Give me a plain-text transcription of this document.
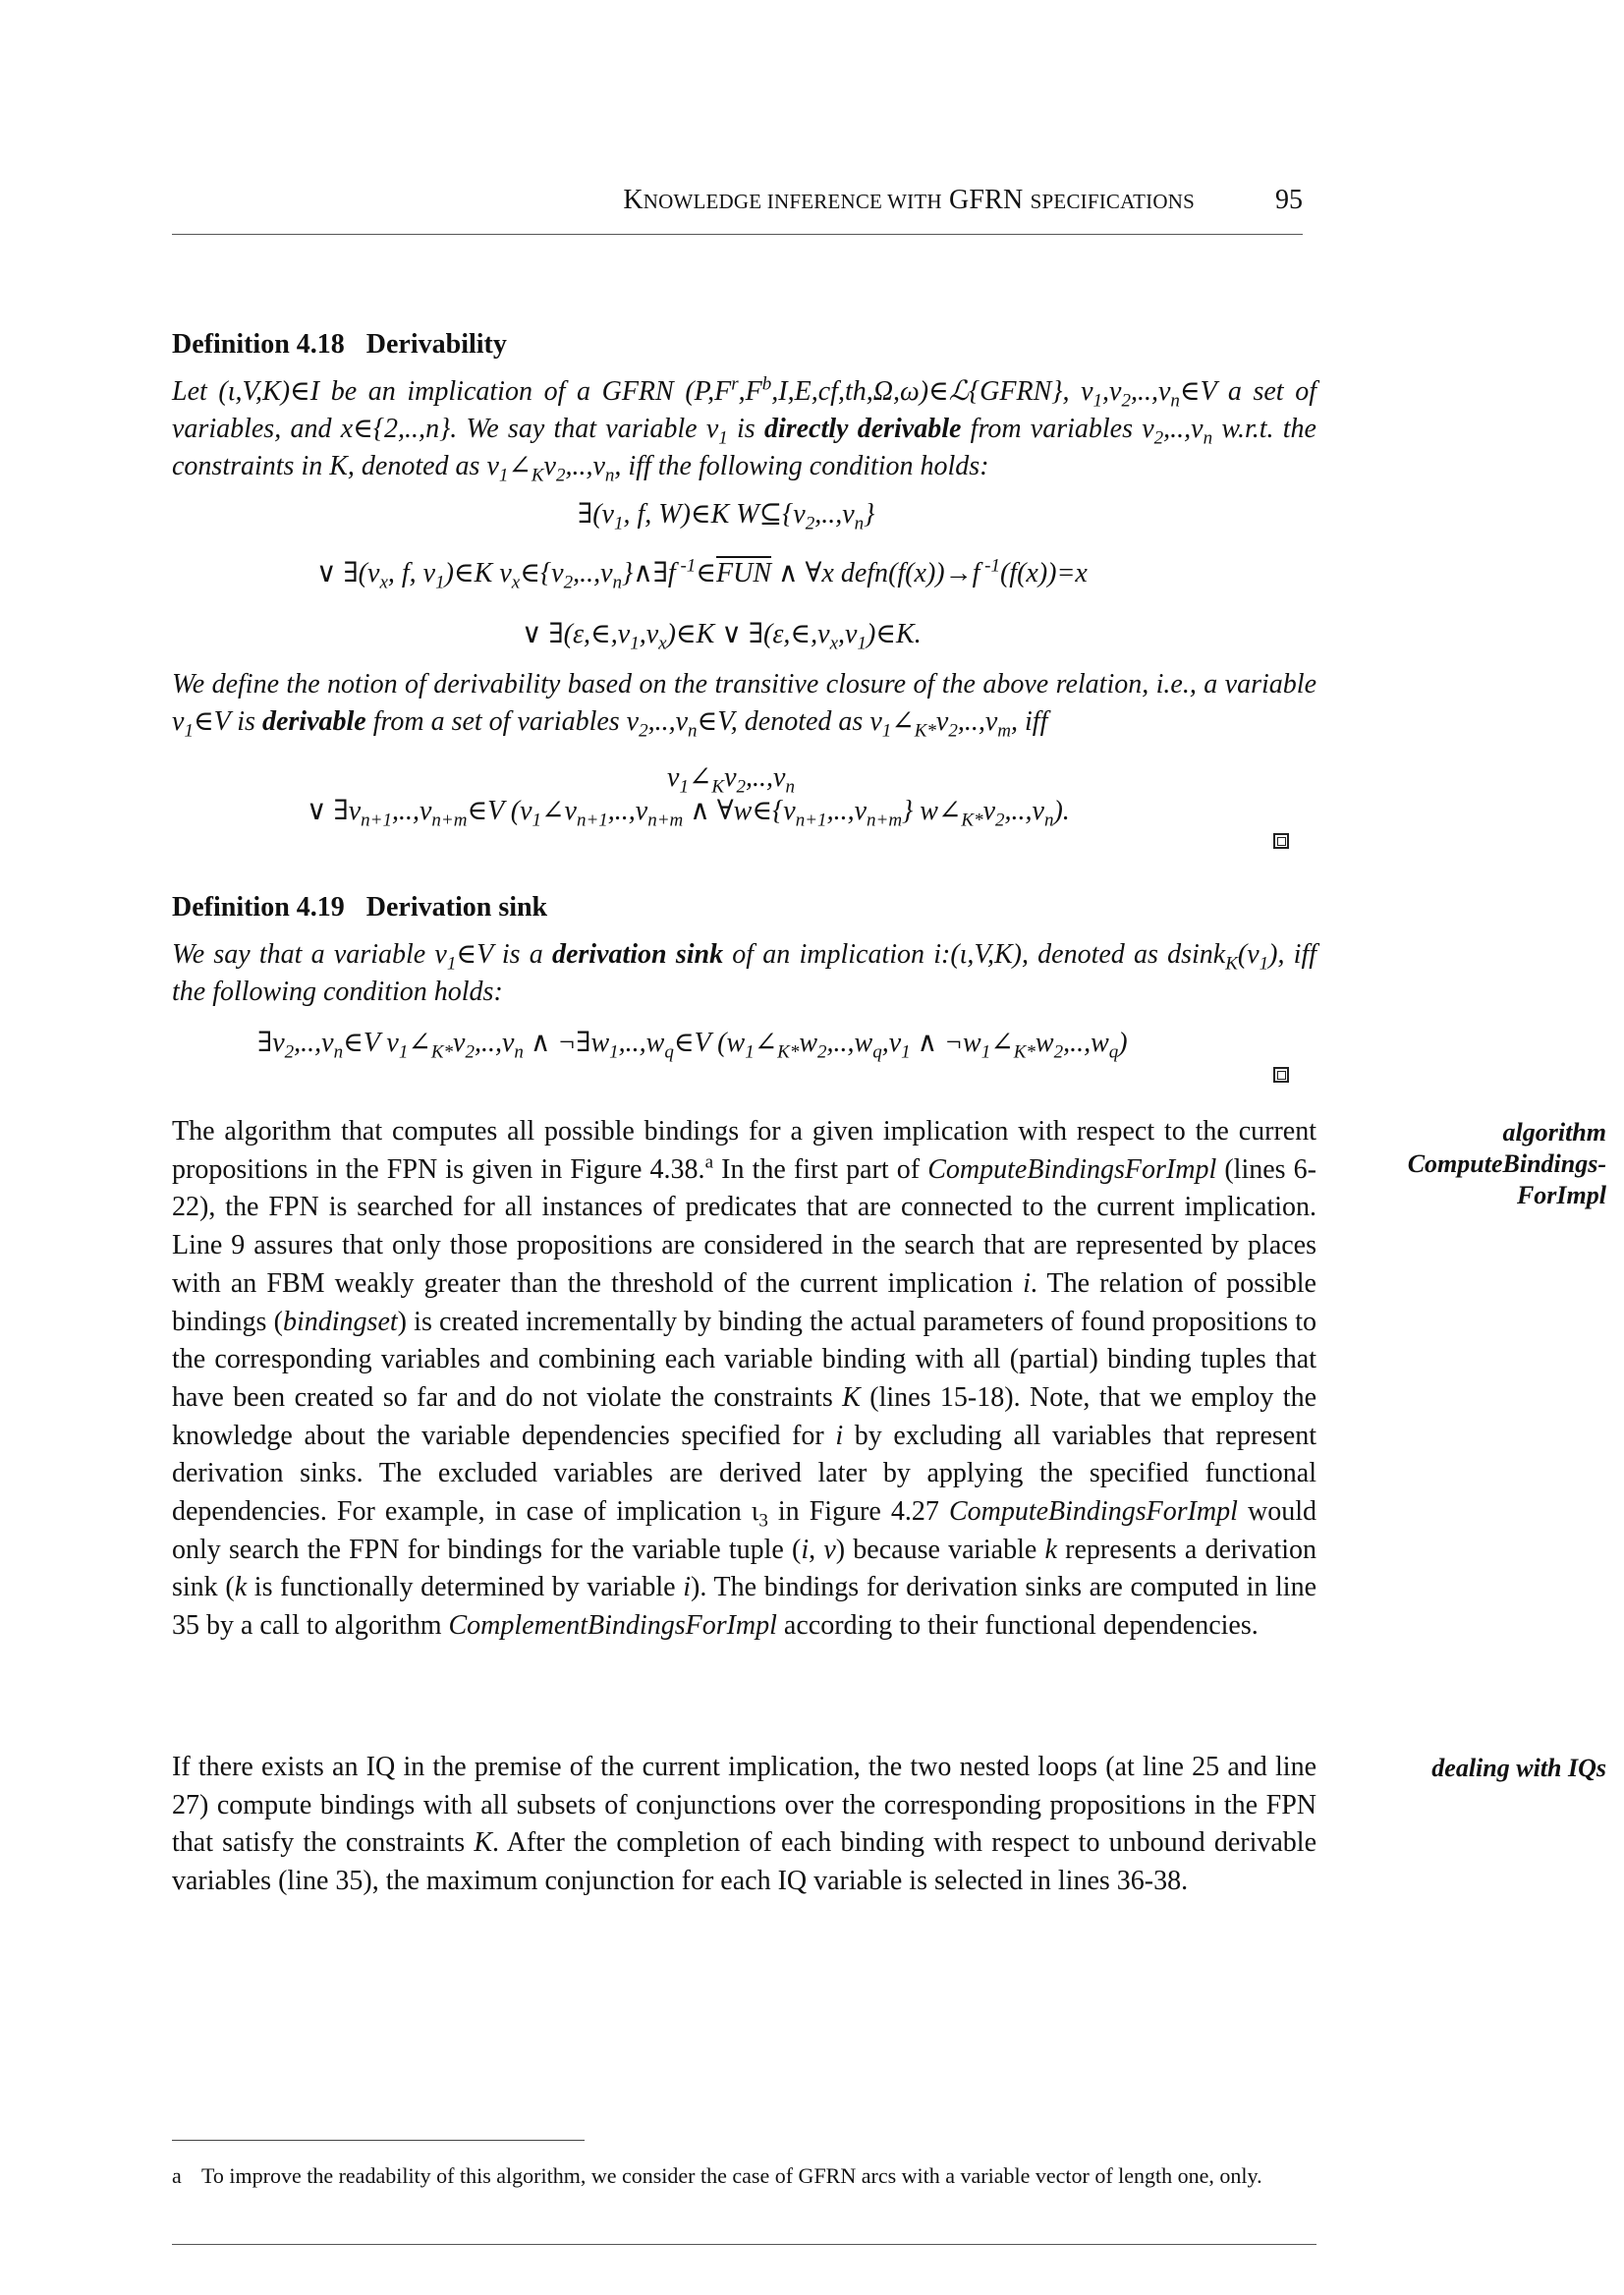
KNOWLEDGE INFERENCE WITH GFRN SPECIFICATIONS	95
Definition 4.18 Derivability
Let (ι,V,K)∈I be an implication of a GFRN $(P,F^r,F^b,I,E,cf,th,\Omega,\omega)\in ℒ\{GFRN\}$, $v_1,v_2,..,v_n\in V$ a set of variables, and x∈{2,..,n}. We say that variable $v_1$ is directly derivable from variables $v_2,..,v_n$ w.r.t. the constraints in K, denoted as $v_1\angle_Kv_2,..,v_n$, iff the following condition holds:
$\exists(v_1$, f, W)∈K $W⊆\{v_2,..,v_n\}$
∨ $\exists(v_x$, f, $v_1)\in K$ $v_x\in\{v_2,..,v_n\}\wedge\exists f$ $^{-1}\in\overline{FUN}$ ∧ ∀x defn(f(x))→f $^{-1}$(f(x))=x
∨ $\exists(\varepsilon,\in,v_1,v_x)\in K$ ∨ $\exists(\varepsilon,\in,v_x,v_1)\in K$.
We define the notion of derivability based on the transitive closure of the above relation, i.e., a variable $v_1\in V$ is derivable from a set of variables $v_2,..,v_n\in V$, denoted as $v_1\angle_{K*}v_2,..,v_m$, iff
$v_1\angle_Kv_2,..,v_n$
∨ $\exists v_{n+1},..,v_{n+m}\in V$ ($v_1\angle v_{n+1},..,v_{n+m}$ ∧ $\forall w\in\{v_{n+1},..,v_{n+m}\}$ $w\angle_{K*}v_2,..,v_n$).
Definition 4.19 Derivation sink
We say that a variable $v_1\in V$ is a derivation sink of an implication i:(ι,V,K), denoted as $dsink_K(v_1)$, iff the following condition holds:
$\exists v_2,..,v_n\in V$ $v_1\angle_{K*}v_2,..,v_n$ ∧ $\neg\exists w_1,..,w_q\in V$ ($w_1\angle_{K*}w_2,..,w_q,v_1$ ∧ $\neg w_1\angle_{K*}w_2,..,w_q$)
The algorithm that computes all possible bindings for a given implication with respect to the current propositions in the FPN is given in Figure 4.38.$^a$ In the first part of ComputeBindingsForImpl (lines 6-22), the FPN is searched for all instances of predicates that are connected to the current implication. Line 9 assures that only those propositions are considered in the search that are represented by places with an FBM weakly greater than the threshold of the current implication i. The relation of possible bindings (bindingset) is created incrementally by binding the actual parameters of found propositions to the corresponding variables and combining each variable binding with all (partial) binding tuples that have been created so far and do not violate the constraints K (lines 15-18). Note, that we employ the knowledge about the variable dependencies specified for i by excluding all variables that represent derivation sinks. The excluded variables are derived later by applying the specified functional dependencies. For example, in case of implication $\iota_3$ in Figure 4.27 ComputeBindingsForImpl would only search the FPN for bindings for the variable tuple (i, v) because variable k represents a derivation sink (k is functionally determined by variable i). The bindings for derivation sinks are computed in line 35 by a call to algorithm ComplementBindingsForImpl according to their functional dependencies.
algorithm
ComputeBindings-
ForImpl
If there exists an IQ in the premise of the current implication, the two nested loops (at line 25 and line 27) compute bindings with all subsets of conjunctions over the corresponding propositions in the FPN that satisfy the constraints K. After the completion of each binding with respect to unbound derivable variables (line 35), the maximum conjunction for each IQ variable is selected in lines 36-38.
dealing with IQs
a To improve the readability of this algorithm, we consider the case of GFRN arcs with a variable vector of length one, only.
